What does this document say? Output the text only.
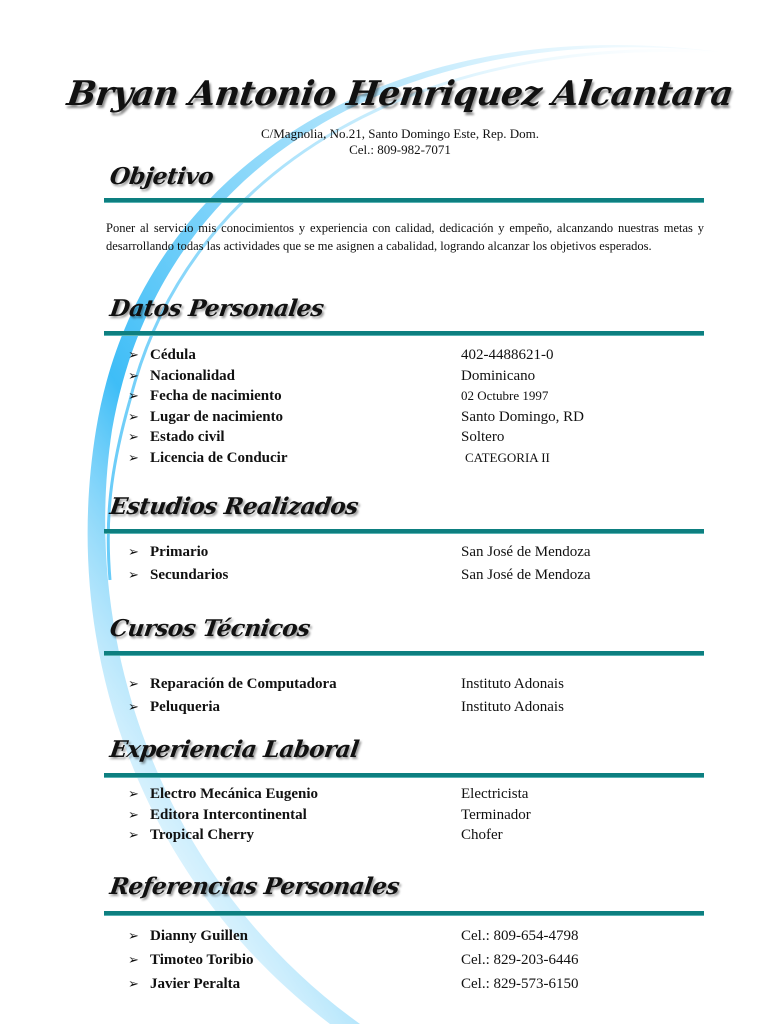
Bryan Antonio Henriquez Alcantara
C/Magnolia, No.21, Santo Domingo Este, Rep. Dom.
Cel.: 809-982-7071
Objetivo
Poner al servicio mis conocimientos y experiencia con calidad, dedicación y empeño, alcanzando nuestras metas y desarrollando todas las actividades que se me asignen a cabalidad, logrando alcanzar los objetivos esperados.
Datos Personales
➢ Cédula	402-4488621-0
➢ Nacionalidad	Dominicano
➢ Fecha de nacimiento	02 Octubre 1997
➢ Lugar de nacimiento	Santo Domingo, RD
➢ Estado civil	Soltero
➢ Licencia de Conducir	CATEGORIA II
Estudios Realizados
➢ Primario	San José de Mendoza
➢ Secundarios	San José de Mendoza
Cursos Técnicos
➢ Reparación de Computadora	Instituto Adonais
➢ Peluqueria	Instituto Adonais
Experiencia Laboral
➢ Electro Mecánica Eugenio	Electricista
➢ Editora Intercontinental	Terminador
➢ Tropical Cherry	Chofer
Referencias Personales
➢ Dianny Guillen	Cel.: 809-654-4798
➢ Timoteo Toribio	Cel.: 829-203-6446
➢ Javier Peralta	Cel.: 829-573-6150
